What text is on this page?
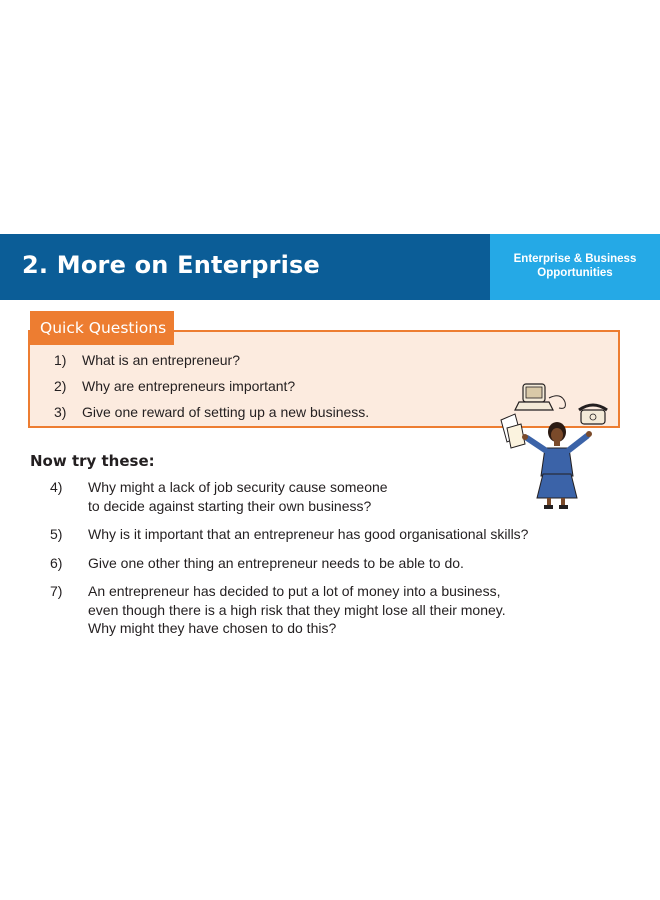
2. More on Enterprise	Enterprise & Business
Opportunities
Quick Questions
1)	What is an entrepreneur?
2)	Why are entrepreneurs important?
3)	Give one reward of setting up a new business.
Now try these:
4)	Why might a lack of job security cause someone
to decide against starting their own business?
5)	Why is it important that an entrepreneur has good organisational skills?
6)	Give one other thing an entrepreneur needs to be able to do.
7)	An entrepreneur has decided to put a lot of money into a business,
even though there is a high risk that they might lose all their money.
Why might they have chosen to do this?
